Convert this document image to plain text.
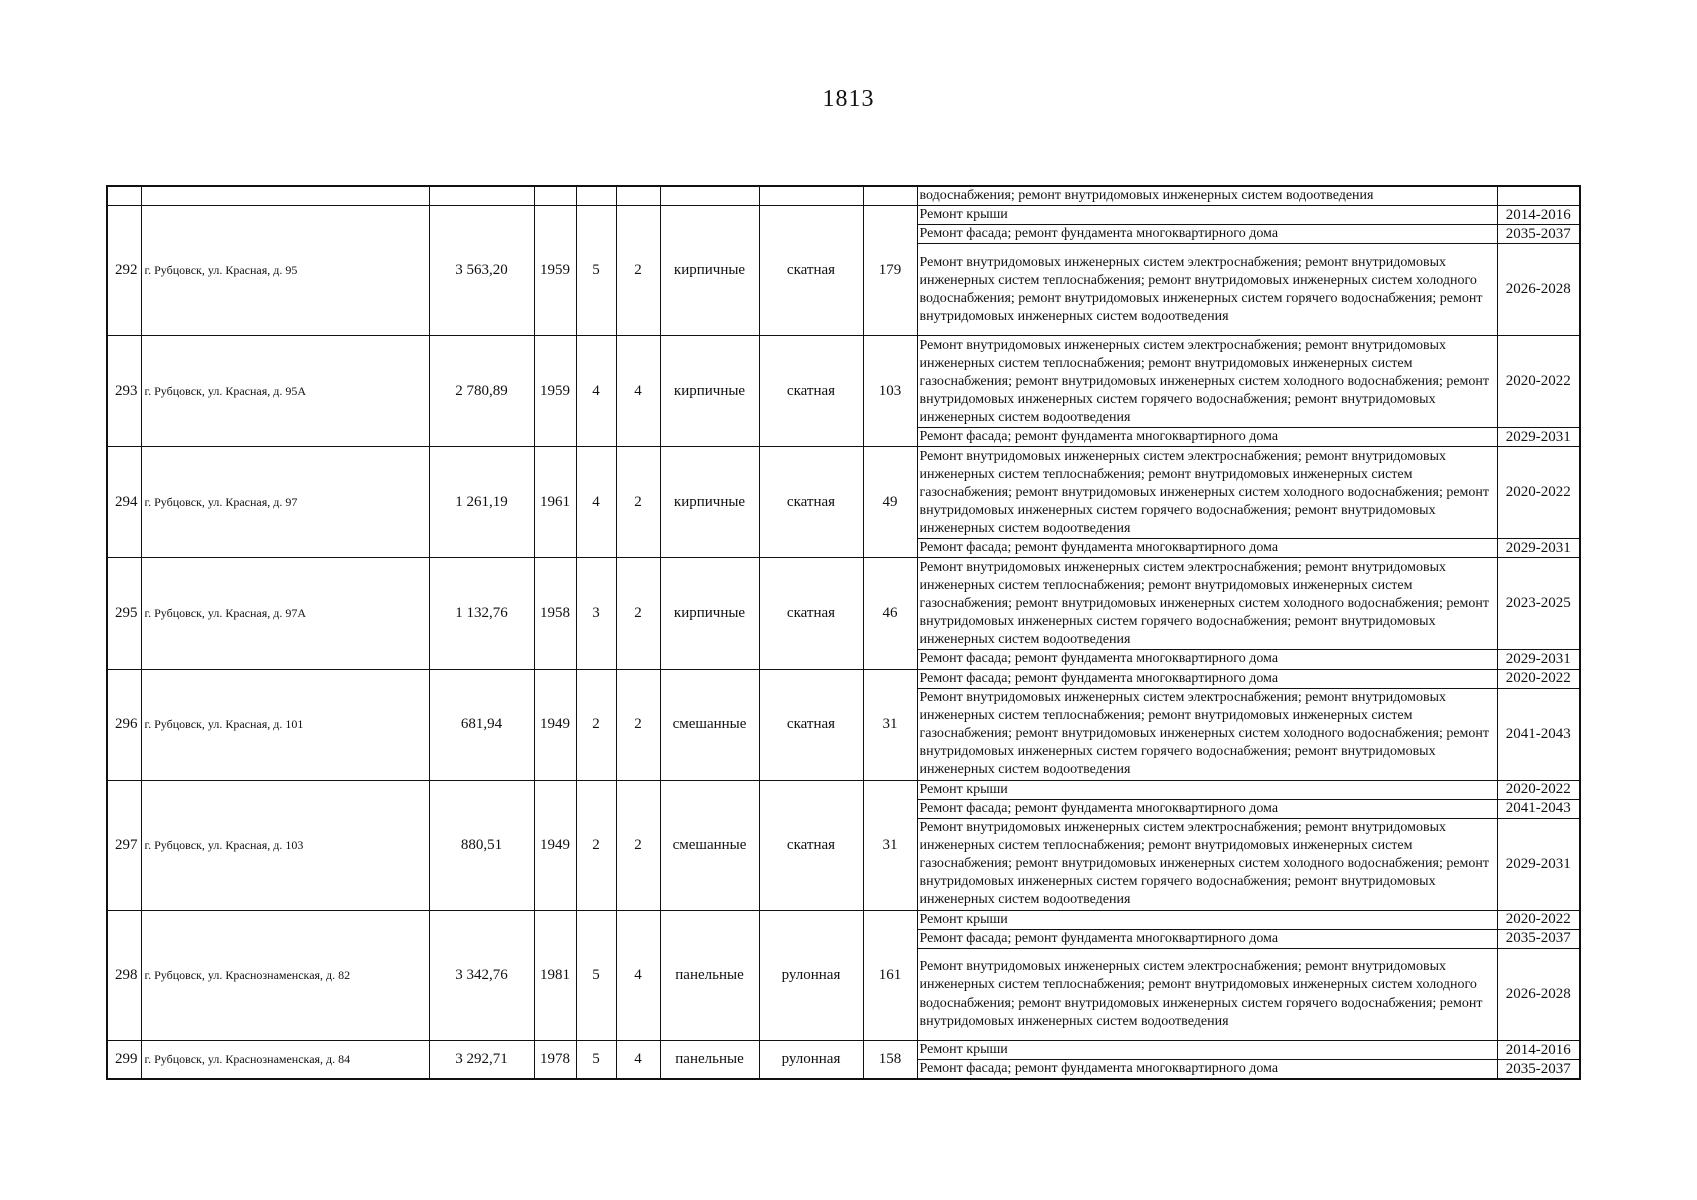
1813
									водоснабжения; ремонт внутридомовых инженерных систем водоотведения	
292	г. Рубцовск, ул. Красная, д. 95	3 563,20	1959	5	2	кирпичные	скатная	179	Ремонт крыши	2014-2016
									Ремонт фасада; ремонт фундамента многоквартирного дома	2035-2037
									Ремонт внутридомовых инженерных систем электроснабжения; ремонт внутридомовых инженерных систем теплоснабжения; ремонт внутридомовых инженерных систем холодного водоснабжения; ремонт внутридомовых инженерных систем горячего водоснабжения; ремонт внутридомовых инженерных систем водоотведения	2026-2028
293	г. Рубцовск, ул. Красная, д. 95А	2 780,89	1959	4	4	кирпичные	скатная	103	Ремонт внутридомовых инженерных систем электроснабжения; ремонт внутридомовых инженерных систем теплоснабжения; ремонт внутридомовых инженерных систем газоснабжения; ремонт внутридомовых инженерных систем холодного водоснабжения; ремонт внутридомовых инженерных систем горячего водоснабжения; ремонт внутридомовых инженерных систем водоотведения	2020-2022
									Ремонт фасада; ремонт фундамента многоквартирного дома	2029-2031
294	г. Рубцовск, ул. Красная, д. 97	1 261,19	1961	4	2	кирпичные	скатная	49	Ремонт внутридомовых инженерных систем электроснабжения; ремонт внутридомовых инженерных систем теплоснабжения; ремонт внутридомовых инженерных систем газоснабжения; ремонт внутридомовых инженерных систем холодного водоснабжения; ремонт внутридомовых инженерных систем горячего водоснабжения; ремонт внутридомовых инженерных систем водоотведения	2020-2022
									Ремонт фасада; ремонт фундамента многоквартирного дома	2029-2031
295	г. Рубцовск, ул. Красная, д. 97А	1 132,76	1958	3	2	кирпичные	скатная	46	Ремонт внутридомовых инженерных систем электроснабжения; ремонт внутридомовых инженерных систем теплоснабжения; ремонт внутридомовых инженерных систем газоснабжения; ремонт внутридомовых инженерных систем холодного водоснабжения; ремонт внутридомовых инженерных систем горячего водоснабжения; ремонт внутридомовых инженерных систем водоотведения	2023-2025
									Ремонт фасада; ремонт фундамента многоквартирного дома	2029-2031
296	г. Рубцовск, ул. Красная, д. 101	681,94	1949	2	2	смешанные	скатная	31	Ремонт фасада; ремонт фундамента многоквартирного дома	2020-2022
									Ремонт внутридомовых инженерных систем электроснабжения; ремонт внутридомовых инженерных систем теплоснабжения; ремонт внутридомовых инженерных систем газоснабжения; ремонт внутридомовых инженерных систем холодного водоснабжения; ремонт внутридомовых инженерных систем горячего водоснабжения; ремонт внутридомовых инженерных систем водоотведения	2041-2043
297	г. Рубцовск, ул. Красная, д. 103	880,51	1949	2	2	смешанные	скатная	31	Ремонт крыши	2020-2022
									Ремонт фасада; ремонт фундамента многоквартирного дома	2041-2043
									Ремонт внутридомовых инженерных систем электроснабжения; ремонт внутридомовых инженерных систем теплоснабжения; ремонт внутридомовых инженерных систем газоснабжения; ремонт внутридомовых инженерных систем холодного водоснабжения; ремонт внутридомовых инженерных систем горячего водоснабжения; ремонт внутридомовых инженерных систем водоотведения	2029-2031
298	г. Рубцовск, ул. Краснознаменская, д. 82	3 342,76	1981	5	4	панельные	рулонная	161	Ремонт крыши	2020-2022
									Ремонт фасада; ремонт фундамента многоквартирного дома	2035-2037
									Ремонт внутридомовых инженерных систем электроснабжения; ремонт внутридомовых инженерных систем теплоснабжения; ремонт внутридомовых инженерных систем холодного водоснабжения; ремонт внутридомовых инженерных систем горячего водоснабжения; ремонт внутридомовых инженерных систем водоотведения	2026-2028
299	г. Рубцовск, ул. Краснознаменская, д. 84	3 292,71	1978	5	4	панельные	рулонная	158	Ремонт крыши	2014-2016
									Ремонт фасада; ремонт фундамента многоквартирного дома	2035-2037
